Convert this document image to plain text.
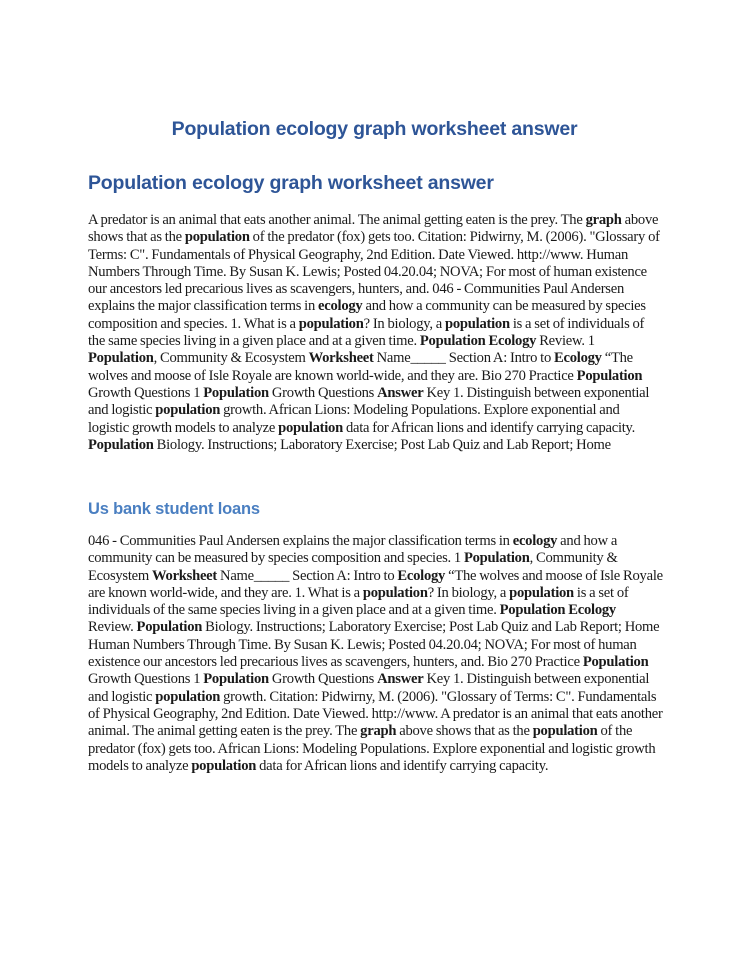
Population ecology graph worksheet answer
Population ecology graph worksheet answer

A predator is an animal that eats another animal. The animal getting eaten is the prey. The graph above shows that as the population of the predator (fox) gets too. Citation: Pidwirny, M. (2006). "Glossary of Terms: C". Fundamentals of Physical Geography, 2nd Edition. Date Viewed. http://www. Human Numbers Through Time. By Susan K. Lewis; Posted 04.20.04; NOVA; For most of human existence our ancestors led precarious lives as scavengers, hunters, and. 046 - Communities Paul Andersen explains the major classification terms in ecology and how a community can be measured by species composition and species. 1. What is a population? In biology, a population is a set of individuals of the same species living in a given place and at a given time. Population Ecology Review. 1 Population, Community & Ecosystem Worksheet Name_____ Section A: Intro to Ecology “The wolves and moose of Isle Royale are known world-wide, and they are. Bio 270 Practice Population Growth Questions 1 Population Growth Questions Answer Key 1. Distinguish between exponential and logistic population growth. African Lions: Modeling Populations. Explore exponential and logistic growth models to analyze population data for African lions and identify carrying capacity. Population Biology. Instructions; Laboratory Exercise; Post Lab Quiz and Lab Report; Home

Us bank student loans

046 - Communities Paul Andersen explains the major classification terms in ecology and how a community can be measured by species composition and species. 1 Population, Community & Ecosystem Worksheet Name_____ Section A: Intro to Ecology “The wolves and moose of Isle Royale are known world-wide, and they are. 1. What is a population? In biology, a population is a set of individuals of the same species living in a given place and at a given time. Population Ecology Review. Population Biology. Instructions; Laboratory Exercise; Post Lab Quiz and Lab Report; Home Human Numbers Through Time. By Susan K. Lewis; Posted 04.20.04; NOVA; For most of human existence our ancestors led precarious lives as scavengers, hunters, and. Bio 270 Practice Population Growth Questions 1 Population Growth Questions Answer Key 1. Distinguish between exponential and logistic population growth. Citation: Pidwirny, M. (2006). "Glossary of Terms: C". Fundamentals of Physical Geography, 2nd Edition. Date Viewed. http://www. A predator is an animal that eats another animal. The animal getting eaten is the prey. The graph above shows that as the population of the predator (fox) gets too. African Lions: Modeling Populations. Explore exponential and logistic growth models to analyze population data for African lions and identify carrying capacity.
